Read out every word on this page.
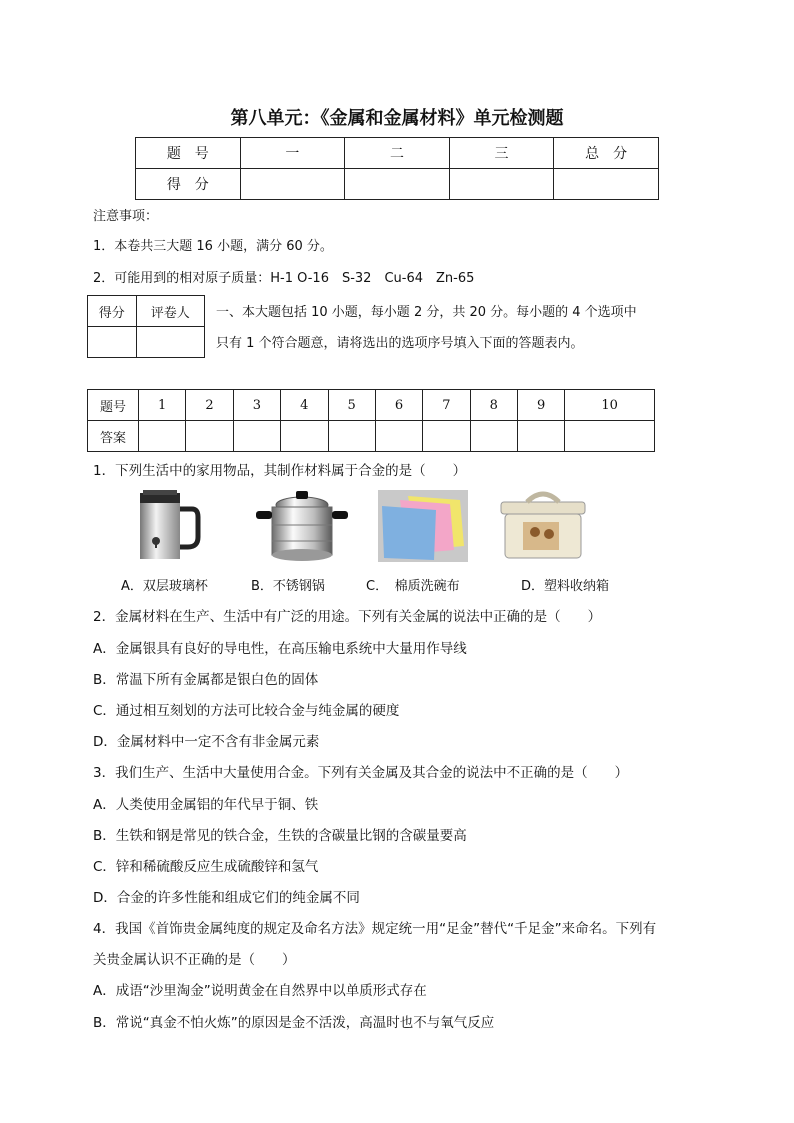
第八单元：《金属和金属材料》单元检测题
题　号	一	二	三	总　分
得　分				
注意事项：
1．本卷共三大题 16 小题，满分 60 分。
2．可能用到的相对原子质量：H-1 O-16　S-32　Cu-64　Zn-65
得分	评卷人
	一、本大题包括 10 小题，每小题 2 分，共 20 分。每小题的 4 个选项中
只有 1 个符合题意，请将选出的选项序号填入下面的答题表内。
题号	1	2	3	4	5	6	7	8	9	10
答案										
1．下列生活中的家用物品，其制作材料属于合金的是（　　）
A．双层玻璃杯	B．不锈钢锅	C．　棉质洗碗布	D．塑料收纳箱
2．金属材料在生产、生活中有广泛的用途。下列有关金属的说法中正确的是（　　）
A．金属银具有良好的导电性，在高压输电系统中大量用作导线
B．常温下所有金属都是银白色的固体
C．通过相互刻划的方法可比较合金与纯金属的硬度
D．金属材料中一定不含有非金属元素
3．我们生产、生活中大量使用合金。下列有关金属及其合金的说法中不正确的是（　　）
A．人类使用金属铝的年代早于铜、铁
B．生铁和钢是常见的铁合金，生铁的含碳量比钢的含碳量要高
C．锌和稀硫酸反应生成硫酸锌和氢气
D．合金的许多性能和组成它们的纯金属不同
4．我国《首饰贵金属纯度的规定及命名方法》规定统一用“足金”替代“千足金”来命名。下列有
关贵金属认识不正确的是（　　）
A．成语“沙里淘金”说明黄金在自然界中以单质形式存在
B．常说“真金不怕火炼”的原因是金不活泼，高温时也不与氧气反应
